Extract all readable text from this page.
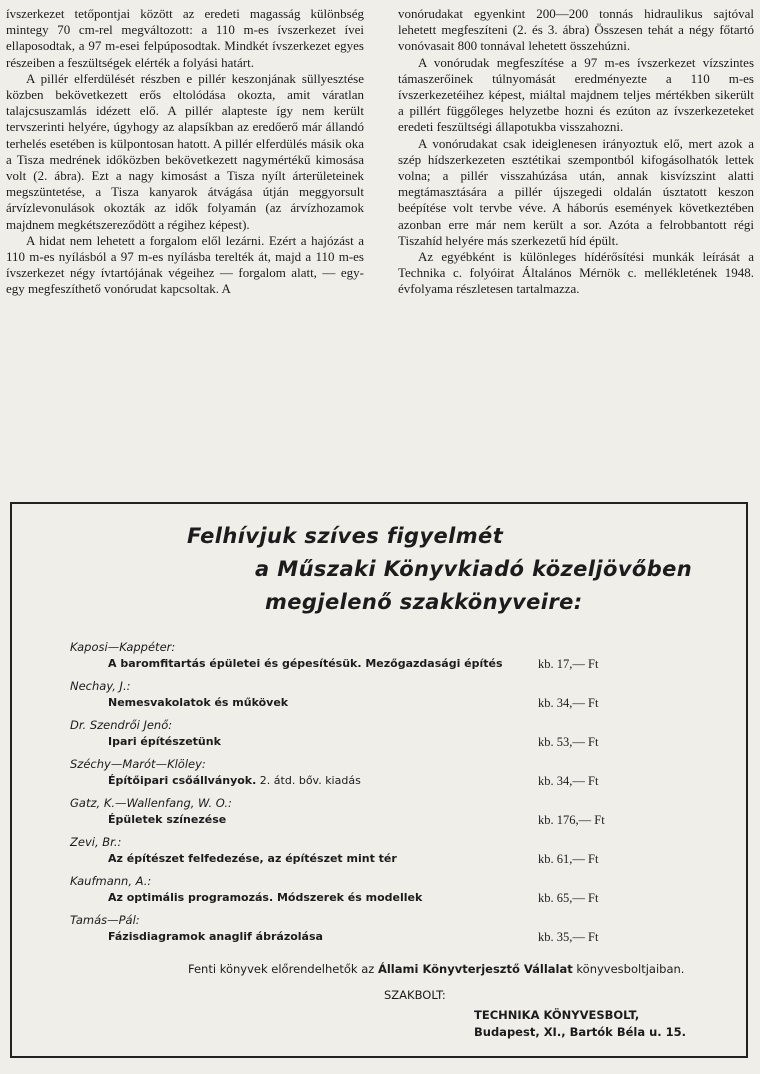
ívszerkezet tetőpontjai között az eredeti magasság különbség mintegy 70 cm-rel megváltozott: a 110 m-es ívszerkezet ívei ellaposodtak, a 97 m-esei felpúposodtak. Mindkét ívszerkezet egyes részeiben a feszültségek elérték a folyási határt.

A pillér elferdülését részben e pillér keszonjának süllyesztése közben bekövetkezett erős eltolódása okozta, amit váratlan talajcsuszamlás idézett elő. A pillér alapteste így nem került tervszerinti helyére, úgyhogy az alapsíkban az eredőerő már állandó terhelés esetében is külpontosan hatott. A pillér elferdülés másik oka a Tisza medrének időközben bekövetkezett nagymértékű kimosása volt (2. ábra). Ezt a nagy kimosást a Tisza nyílt árterületeinek megszüntetése, a Tisza kanyarok átvágása útján meggyorsult árvízlevonulások okozták az idők folyamán (az árvízhozamok majdnem megkétszereződött a régihez képest).

A hidat nem lehetett a forgalom elől lezárni. Ezért a hajózást a 110 m-es nyílásból a 97 m-es nyílásba terelték át, majd a 110 m-es ívszerkezet négy ívtartójának végeihez — forgalom alatt, — egy-egy megfeszíthető vonórudat kapcsoltak. A

vonórudakat egyenkint 200—200 tonnás hidraulikus sajtóval lehetett megfeszíteni (2. és 3. ábra) Összesen tehát a négy főtartó vonóvasait 800 tonnával lehetett összehúzni.

A vonórudak megfeszítése a 97 m-es ívszerkezet vízszintes támaszerőinek túlnyomását eredményezte a 110 m-es ívszerkezetéihez képest, miáltal majdnem teljes mértékben sikerült a pillért függőleges helyzetbe hozni és ezúton az ívszerkezeteket eredeti feszültségi állapotukba visszahozni.

A vonórudakat csak ideiglenesen irányoztuk elő, mert azok a szép hídszerkezeten esztétikai szempontból kifogásolhatók lettek volna; a pillér visszahúzása után, annak kisvízszint alatti megtámasztására a pillér újszegedi oldalán úsztatott keszon beépítése volt tervbe véve. A háborús események következtében azonban erre már nem került a sor. Azóta a felrobbantott régi Tiszahíd helyére más szerkezetű híd épült.

Az egyébként is különleges hídérősítési munkák leírását a Technika c. folyóirat Általános Mérnök c. mellékletének 1948. évfolyama részletesen tartalmazza.

Felhívjuk szíves figyelmét
a Műszaki Könyvkiadó közeljövőben
megjelenő szakkönyveire:
Kaposi—Kappéter:
A baromfitartás épületei és gépesítésük. Mezőgazdasági építés	kb. 17,— Ft
Nechay, J.:
Nemesvakolatok és műkövek	kb. 34,— Ft
Dr. Szendrői Jenő:
Ipari építészetünk	kb. 53,— Ft
Széchy—Marót—Klöley:
Építőipari csőállványok. 2. átd. bőv. kiadás	kb. 34,— Ft
Gatz, K.—Wallenfang, W. O.:
Épületek színezése	kb. 176,— Ft
Zevi, Br.:
Az építészet felfedezése, az építészet mint tér	kb. 61,— Ft
Kaufmann, A.:
Az optimális programozás. Módszerek és modellek	kb. 65,— Ft
Tamás—Pál:
Fázisdiagramok anaglif ábrázolása	kb. 35,— Ft
Fenti könyvek előrendelhetők az Állami Könyvterjesztő Vállalat könyvesboltjaiban.
SZAKBOLT:
TECHNIKA KÖNYVESBOLT,
Budapest, XI., Bartók Béla u. 15.
